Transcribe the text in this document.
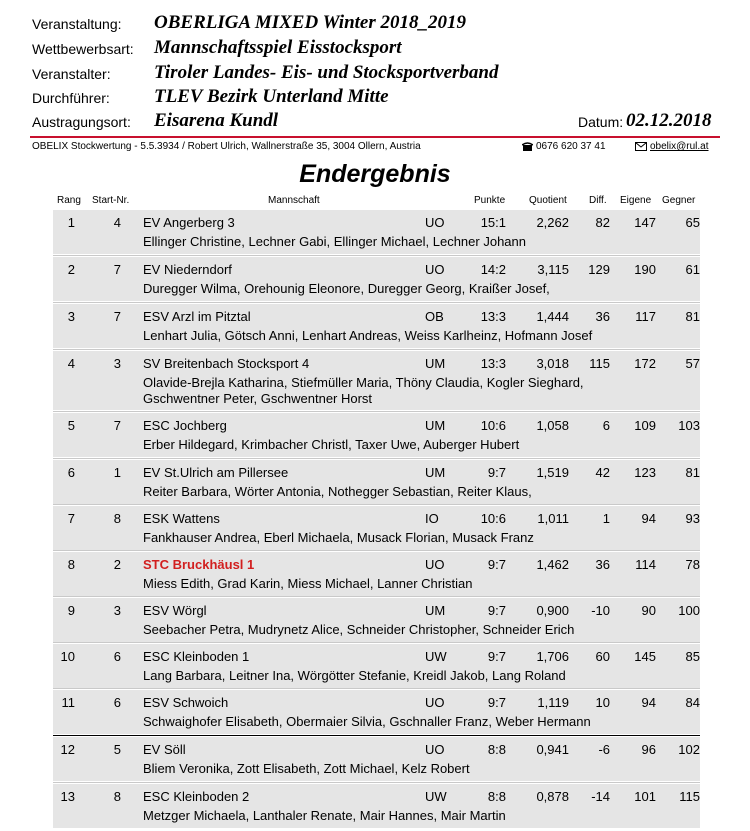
Veranstaltung: OBERLIGA MIXED Winter 2018_2019
Wettbewerbsart: Mannschaftsspiel Eisstocksport
Veranstalter: Tiroler Landes- Eis- und Stocksportverband
Durchführer: TLEV Bezirk Unterland Mitte
Austragungsort: Eisarena Kundl	Datum: 02.12.2018
OBELIX Stockwertung - 5.5.3934 / Robert Ulrich, Wallnerstraße 35, 3004 Ollern, Austria	0676 620 37 41	obelix@rul.at
Endergebnis
Rang Start-Nr.	Mannschaft	Punkte Quotient Diff. Eigene Gegner
1	4 EV Angerberg 3	UO	15:1	2,262	82	147	65
Ellinger Christine, Lechner Gabi, Ellinger Michael, Lechner Johann
2	7 EV Niederndorf	UO	14:2	3,115	129	190	61
Duregger Wilma, Orehounig Eleonore, Duregger Georg, Kraißer Josef,
3	7 ESV Arzl im Pitztal	OB	13:3	1,444	36	117	81
Lenhart Julia, Götsch Anni, Lenhart Andreas, Weiss Karlheinz, Hofmann Josef
4	3 SV Breitenbach Stocksport 4	UM	13:3	3,018	115	172	57
Olavide-Brejla Katharina, Stiefmüller Maria, Thöny Claudia, Kogler Sieghard, Gschwentner Peter, Gschwentner Horst
5	7 ESC Jochberg	UM	10:6	1,058	6	109	103
Erber Hildegard, Krimbacher Christl, Taxer Uwe, Auberger Hubert
6	1 EV St.Ulrich am Pillersee	UM	9:7	1,519	42	123	81
Reiter Barbara, Wörter Antonia, Nothegger Sebastian, Reiter Klaus,
7	8 ESK Wattens	IO	10:6	1,011	1	94	93
Fankhauser Andrea, Eberl Michaela, Musack Florian, Musack Franz
8	2 STC Bruckhäusl 1	UO	9:7	1,462	36	114	78
Miess Edith, Grad Karin, Miess Michael, Lanner Christian
9	3 ESV Wörgl	UM	9:7	0,900	-10	90	100
Seebacher Petra, Mudrynetz Alice, Schneider Christopher, Schneider Erich
10	6 ESC Kleinboden 1	UW	9:7	1,706	60	145	85
Lang Barbara, Leitner Ina, Wörgötter Stefanie, Kreidl Jakob, Lang Roland
11	6 ESV Schwoich	UO	9:7	1,119	10	94	84
Schwaighofer Elisabeth, Obermaier Silvia, Gschnaller Franz, Weber Hermann
12	5 EV Söll	UO	8:8	0,941	-6	96	102
Bliem Veronika, Zott Elisabeth, Zott Michael, Kelz Robert
13	8 ESC Kleinboden 2	UW	8:8	0,878	-14	101	115
Metzger Michaela, Lanthaler Renate, Mair Hannes, Mair Martin
